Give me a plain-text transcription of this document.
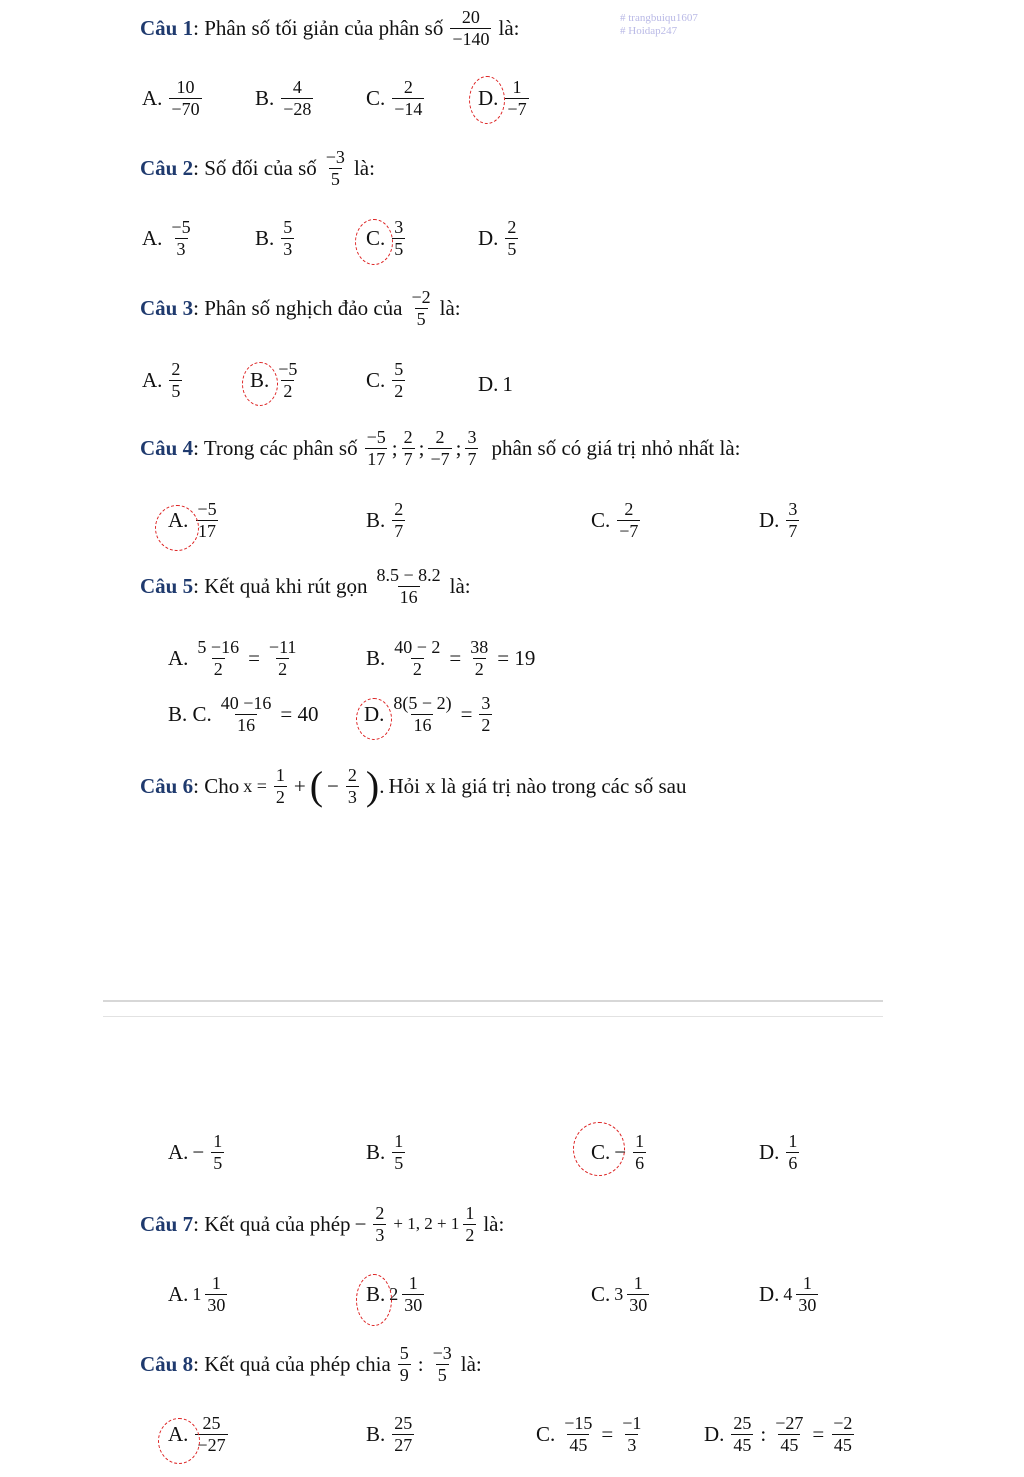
# trangbuiqu1607
# Hoidap247
Câu 1 : Phân số tối giản của phân số $\frac{20}{-140}$ là:
A. $\frac{10}{-70}$	B. $\frac{4}{-28}$	C. $\frac{2}{-14}$	D. $\frac{1}{-7}$
Câu 2 : Số đối của số $\frac{-3}{5}$ là:
A. $\frac{-5}{3}$	B. $\frac{5}{3}$	C. $\frac{3}{5}$	D. $\frac{2}{5}$
Câu 3 : Phân số nghịch đảo của $\frac{-2}{5}$ là:
A. $\frac{2}{5}$	B. $\frac{-5}{2}$	C. $\frac{5}{2}$	D. 1
Câu 4 : Trong các phân số $\frac{-5}{17}$ ; $\frac{2}{7}$ ; $\frac{2}{-7}$ ; $\frac{3}{7}$ phân số có giá trị nhỏ nhất là:
A. $\frac{-5}{17}$	B. $\frac{2}{7}$	C. $\frac{2}{-7}$	D. $\frac{3}{7}$
Câu 5 : Kết quả khi rút gọn $\frac{8.5 - 8.2}{16}$ là:
A. $\frac{5 -16}{2} = \frac{-11}{2}$	B. $\frac{40 - 2}{2} = \frac{38}{2} = 19$
B. C. $\frac{40 -16}{16} = 40$ D. $\frac{8(5 - 2)}{16} = \frac{3}{2}$
Câu 6 : Cho $x = \frac{1}{2}$ + ( − $\frac{2}{3}$ ) . Hỏi x là giá trị nào trong các số sau
A. − $\frac{1}{5}$	B. $\frac{1}{5}$	C. − $\frac{1}{6}$	D. $\frac{1}{6}$
Câu 7 : Kết quả của phép − $\frac{2}{3} + 1$, $2 + 1 \frac{1}{2}$ là:
A. $1 \frac{1}{30}$	B. $2 \frac{1}{30}$	C. $3 \frac{1}{30}$	D. $4 \frac{1}{30}$
Câu 8 : Kết quả của phép chia $\frac{5}{9}$ : $\frac{-3}{5}$ là:
A. $\frac{25}{-27}$	B. $\frac{25}{27}$	C. $\frac{-15}{45} = \frac{-1}{3}$	D. $\frac{25}{45}$ : $\frac{-27}{45} = \frac{-2}{45}$
